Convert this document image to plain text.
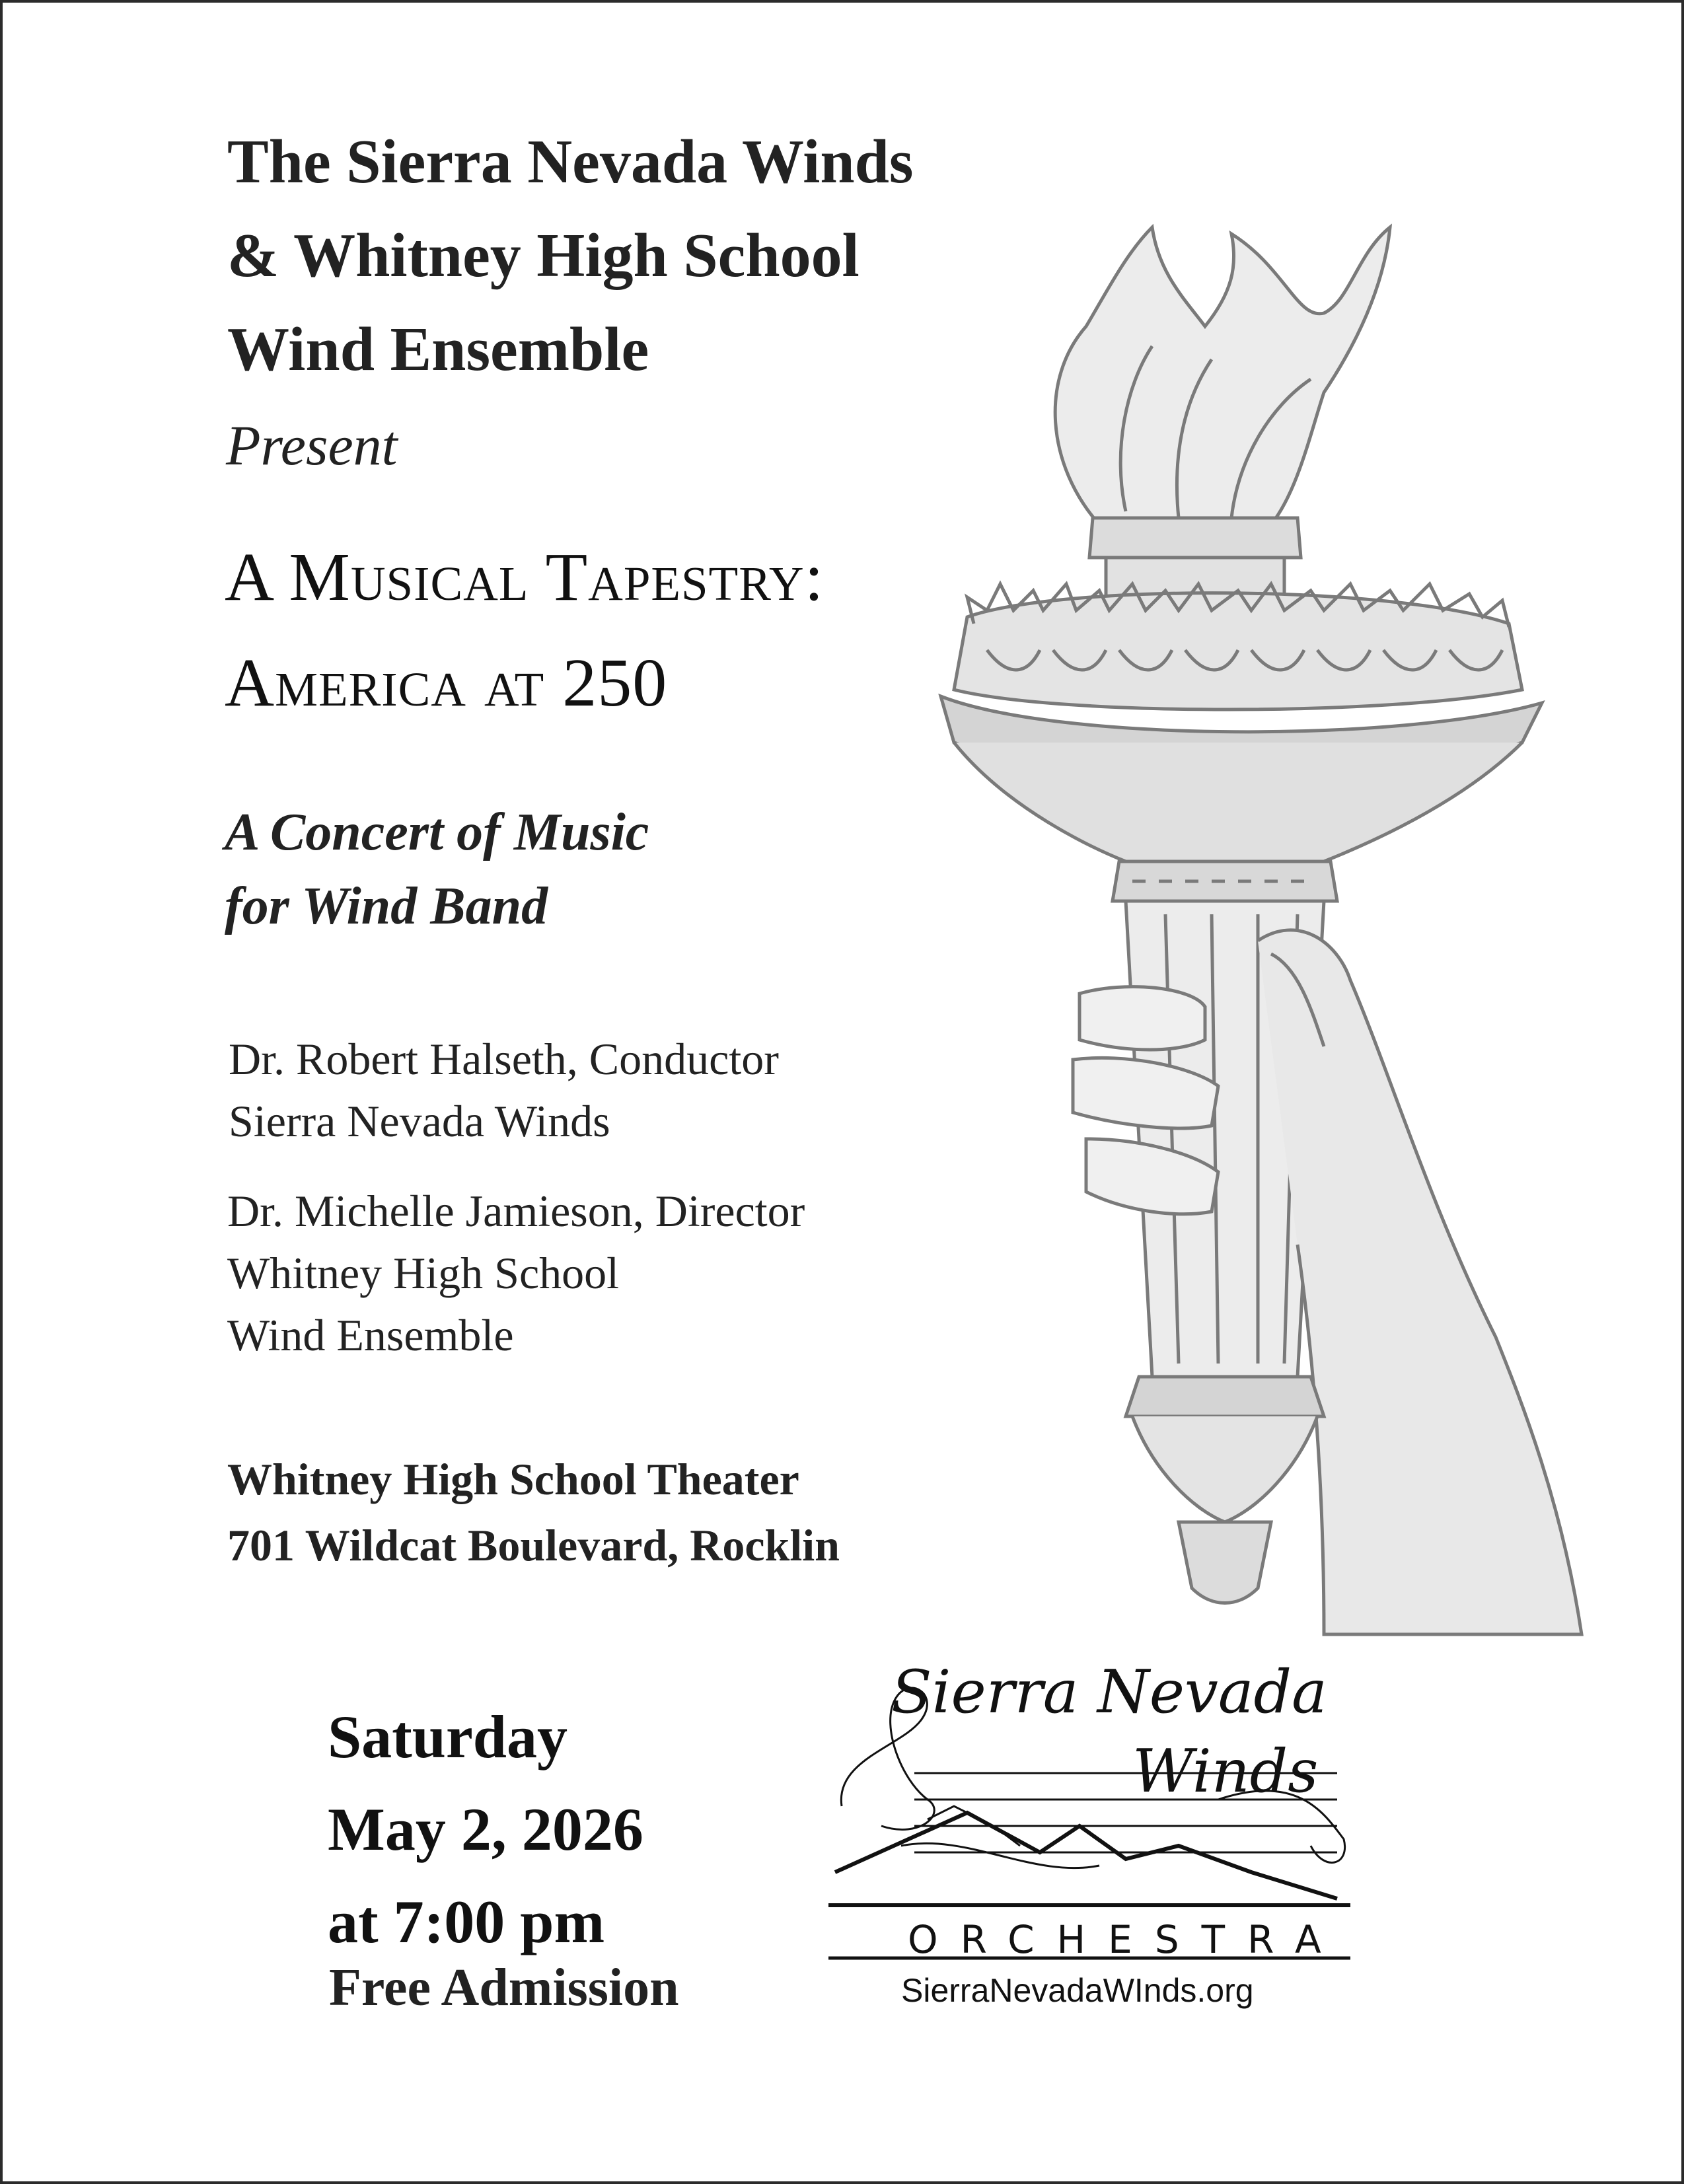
The Sierra Nevada Winds
& Whitney High School
Wind Ensemble
Present
A Musical Tapestry:
America at 250
A Concert of Music
for Wind Band
Dr. Robert Halseth, Conductor
Sierra Nevada Winds
Dr. Michelle Jamieson, Director
Whitney High School
Wind Ensemble
Whitney High School Theater
701 Wildcat Boulevard, Rocklin
Saturday
May 2, 2026
at 7:00 pm
Free Admission
Sierra Nevada
Winds
ORCHESTRA
SierraNevadaWInds.org
